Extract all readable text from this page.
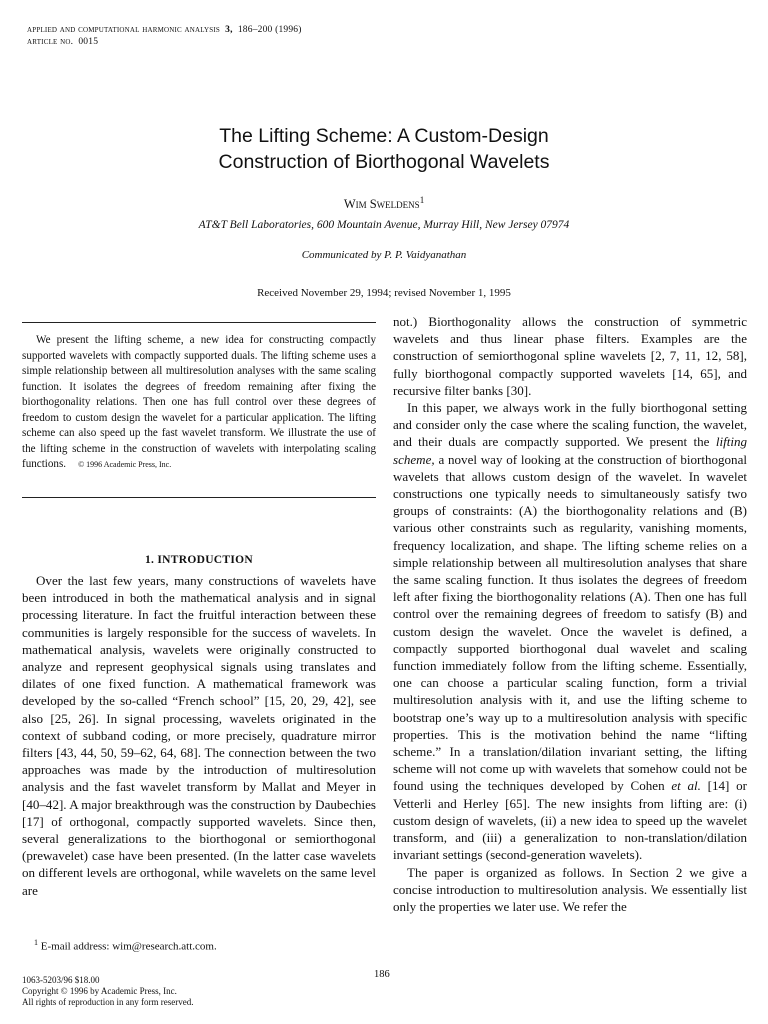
applied and computational harmonic analysis 3, 186–200 (1996)
article no. 0015
The Lifting Scheme: A Custom-Design
Construction of Biorthogonal Wavelets
Wim Sweldens$^1$
AT&T Bell Laboratories, 600 Mountain Avenue, Murray Hill, New Jersey 07974
Communicated by P. P. Vaidyanathan
Received November 29, 1994; revised November 1, 1995

We present the lifting scheme, a new idea for constructing compactly supported wavelets with compactly supported duals. The lifting scheme uses a simple relationship between all multiresolution analyses with the same scaling function. It isolates the degrees of freedom remaining after fixing the biorthogonality relations. Then one has full control over these degrees of freedom to custom design the wavelet for a particular application. The lifting scheme can also speed up the fast wavelet transform. We illustrate the use of the lifting scheme in the construction of wavelets with interpolating scaling functions. © 1996 Academic Press, Inc.

1. INTRODUCTION

Over the last few years, many constructions of wavelets have been introduced in both the mathematical analysis and in signal processing literature. In fact the fruitful interaction between these communities is largely responsible for the success of wavelets. In mathematical analysis, wavelets were originally constructed to analyze and represent geophysical signals using translates and dilates of one fixed function. A mathematical framework was developed by the so-called “French school” [15, 20, 29, 42], see also [25, 26]. In signal processing, wavelets originated in the context of subband coding, or more precisely, quadrature mirror filters [43, 44, 50, 59–62, 64, 68]. The connection between the two approaches was made by the introduction of multiresolution analysis and the fast wavelet transform by Mallat and Meyer in [40–42]. A major breakthrough was the construction by Daubechies [17] of orthogonal, compactly supported wavelets. Since then, several generalizations to the biorthogonal or semiorthogonal (prewavelet) case have been presented. (In the latter case wavelets on different levels are orthogonal, while wavelets on the same level are

not.) Biorthogonality allows the construction of symmetric wavelets and thus linear phase filters. Examples are the construction of semiorthogonal spline wavelets [2, 7, 11, 12, 58], fully biorthogonal compactly supported wavelets [14, 65], and recursive filter banks [30].

In this paper, we always work in the fully biorthogonal setting and consider only the case where the scaling function, the wavelet, and their duals are compactly supported. We present the lifting scheme, a novel way of looking at the construction of biorthogonal wavelets that allows custom design of the wavelet. In wavelet constructions one typically needs to simultaneously satisfy two groups of constraints: (A) the biorthogonality relations and (B) various other constraints such as regularity, vanishing moments, frequency localization, and shape. The lifting scheme relies on a simple relationship between all multiresolution analyses that share the same scaling function. It thus isolates the degrees of freedom left after fixing the biorthogonality relations (A). Then one has full control over the remaining degrees of freedom to satisfy (B) and custom design the wavelet. Once the wavelet is defined, a compactly supported biorthogonal dual wavelet and scaling function immediately follow from the lifting scheme. Essentially, one can choose a particular scaling function, form a trivial multiresolution analysis with it, and use the lifting scheme to bootstrap one’s way up to a multiresolution analysis with specific properties. This is the motivation behind the name “lifting scheme.” In a translation/dilation invariant setting, the lifting scheme will not come up with wavelets that somehow could not be found using the techniques developed by Cohen et al. [14] or Vetterli and Herley [65]. The new insights from lifting are: (i) custom design of wavelets, (ii) a new idea to speed up the wavelet transform, and (iii) a generalization to non-translation/dilation invariant settings (second-generation wavelets).

The paper is organized as follows. In Section 2 we give a concise introduction to multiresolution analysis. We essentially list only the properties we later use. We refer the

$^1$ E-mail address: wim@research.att.com.
186
1063-5203/96 $18.00
Copyright © 1996 by Academic Press, Inc.
All rights of reproduction in any form reserved.
